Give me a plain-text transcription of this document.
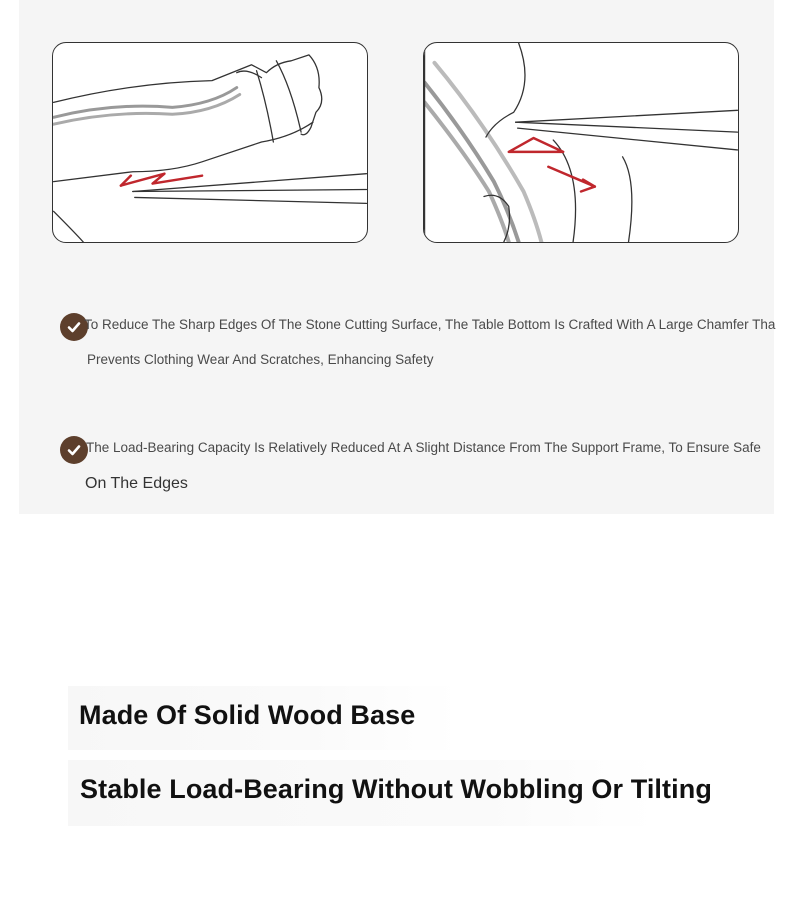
To Reduce The Sharp Edges Of The Stone Cutting Surface, The Table Bottom Is Crafted With A Large Chamfer Tha
Prevents Clothing Wear And Scratches, Enhancing Safety
The Load-Bearing Capacity Is Relatively Reduced At A Slight Distance From The Support Frame, To Ensure Safe
On The Edges
Made Of Solid Wood Base
Stable Load-Bearing Without Wobbling Or Tilting
